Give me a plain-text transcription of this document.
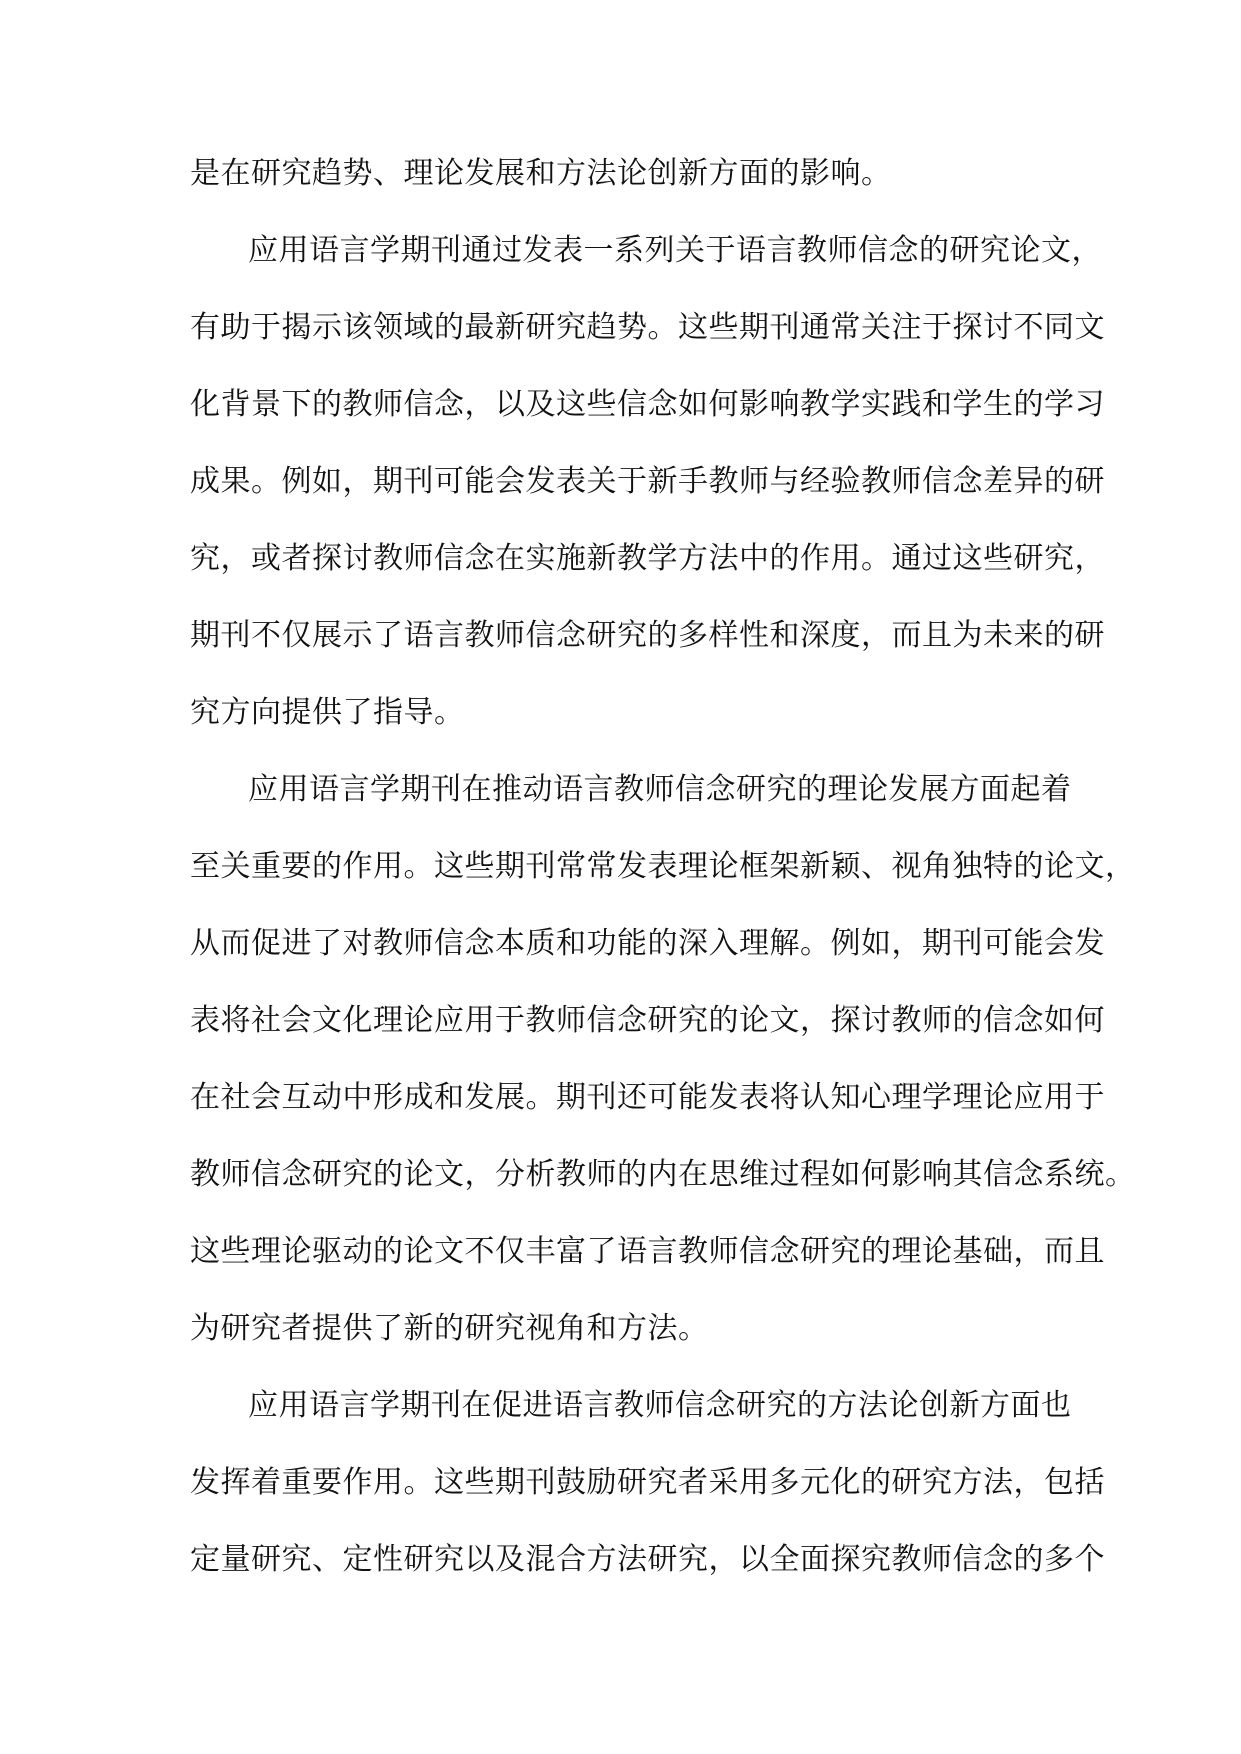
是在研究趋势、理论发展和方法论创新方面的影响。
应用语言学期刊通过发表一系列关于语言教师信念的研究论文，
有助于揭示该领域的最新研究趋势。这些期刊通常关注于探讨不同文
化背景下的教师信念，以及这些信念如何影响教学实践和学生的学习
成果。例如，期刊可能会发表关于新手教师与经验教师信念差异的研
究，或者探讨教师信念在实施新教学方法中的作用。通过这些研究，
期刊不仅展示了语言教师信念研究的多样性和深度，而且为未来的研
究方向提供了指导。
应用语言学期刊在推动语言教师信念研究的理论发展方面起着
至关重要的作用。这些期刊常常发表理论框架新颖、视角独特的论文，
从而促进了对教师信念本质和功能的深入理解。例如，期刊可能会发
表将社会文化理论应用于教师信念研究的论文，探讨教师的信念如何
在社会互动中形成和发展。期刊还可能发表将认知心理学理论应用于
教师信念研究的论文，分析教师的内在思维过程如何影响其信念系统。
这些理论驱动的论文不仅丰富了语言教师信念研究的理论基础，而且
为研究者提供了新的研究视角和方法。
应用语言学期刊在促进语言教师信念研究的方法论创新方面也
发挥着重要作用。这些期刊鼓励研究者采用多元化的研究方法，包括
定量研究、定性研究以及混合方法研究，以全面探究教师信念的多个
